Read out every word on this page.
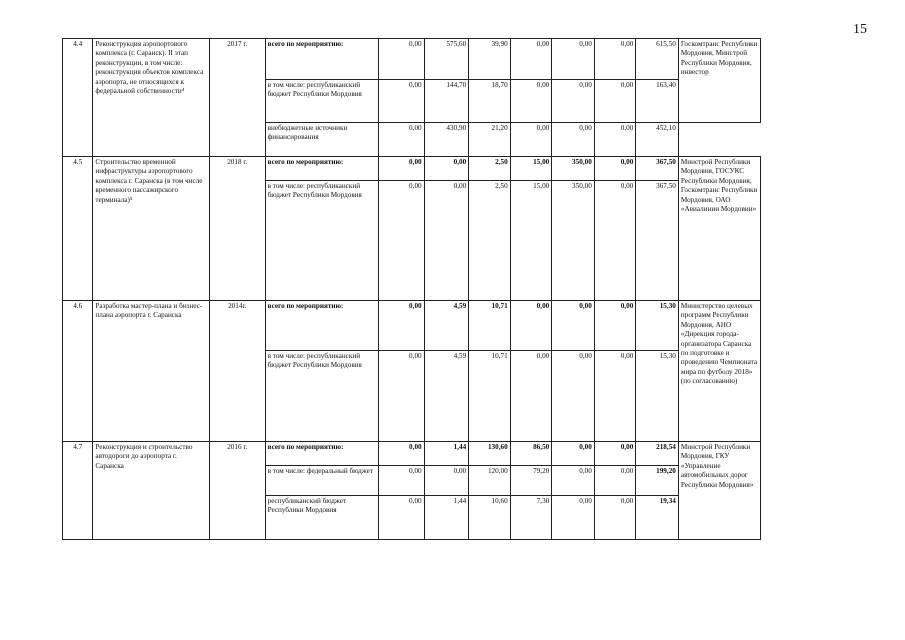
15
4.4	Реконструкция аэропортового комплекса (г. Саранск). II этап реконструкции, в том числе: реконструкция объектов комплекса аэропорта, не относящихся к федеральной собственности⁴	2017 г.	всего по мероприятию:	0,00	575,60	39,90	0,00	0,00	0,00	615,50	Госкомтранс Республики Мордовия, Минстрой Республики Мордовия, инвестор
			в том числе: республиканский бюджет Республики Мордовия	0,00	144,70	18,70	0,00	0,00	0,00	163,40	
			внебюджетные источники финансирования	0,00	430,90	21,20	0,00	0,00	0,00	452,10	
4.5	Строительство временной инфраструктуры аэропортового комплекса г. Саранска (в том числе временного пассажирского терминала)⁵	2018 г.	всего по мероприятию:	0,00	0,00	2,50	15,00	350,00	0,00	367,50	Минстрой Республики Мордовия, ГОСУКС Республики Мордовия, Госкомтранс Республики Мордовия, ОАО «Авиалинии Мордовии»
			в том числе: республиканский бюджет Республики Мордовия	0,00	0,00	2,50	15,00	350,00	0,00	367,50	
4.6	Разработка мастер-плана и бизнес-плана аэропорта г. Саранска	2014г.	всего по мероприятию:	0,00	4,59	10,71	0,00	0,00	0,00	15,30	Министерство целевых программ Республики Мордовия, АНО «Дирекция города-организатора Саранска по подготовке и проведению Чемпионата мира по футболу 2018» (по согласованию)
			в том числе: республиканский бюджет Республики Мордовия	0,00	4,59	10,71	0,00	0,00	0,00	15,30	
4.7	Реконструкция и строительство автодороги до аэропорта г. Саранска	2016 г.	всего по мероприятию:	0,00	1,44	130,60	86,50	0,00	0,00	218,54	Минстрой Республики Мордовия, ГКУ «Управление автомобильных дорог Республики Мордовия»
			в том числе: федеральный бюджет	0,00	0,00	120,00	79,20	0,00	0,00	199,20	
			республиканский бюджет Республики Мордовия	0,00	1,44	10,60	7,30	0,00	0,00	19,34	
